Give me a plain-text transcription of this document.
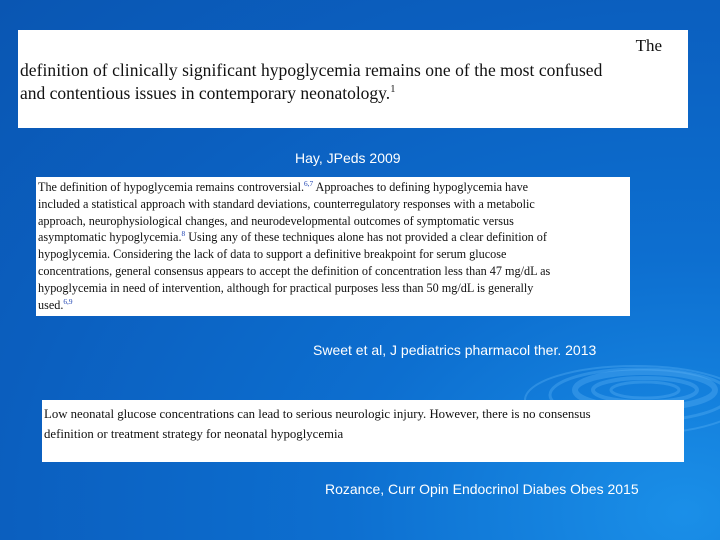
The
definition of clinically significant hypoglycemia remains one of the most confused
and contentious issues in contemporary neonatology.$^1$
Hay, JPeds 2009
The definition of hypoglycemia remains controversial.$^{6,7}$ Approaches to defining hypoglycemia have
included a statistical approach with standard deviations, counterregulatory responses with a metabolic
approach, neurophysiological changes, and neurodevelopmental outcomes of symptomatic versus
asymptomatic hypoglycemia.$^8$ Using any of these techniques alone has not provided a clear definition of
hypoglycemia. Considering the lack of data to support a definitive breakpoint for serum glucose
concentrations, general consensus appears to accept the definition of concentration less than 47 mg/dL as
hypoglycemia in need of intervention, although for practical purposes less than 50 mg/dL is generally
used.$^{6,9}$
Sweet et al, J pediatrics pharmacol ther. 2013
Low neonatal glucose concentrations can lead to serious neurologic injury. However, there is no consensus
definition or treatment strategy for neonatal hypoglycemia
Rozance, Curr Opin Endocrinol Diabes Obes 2015
